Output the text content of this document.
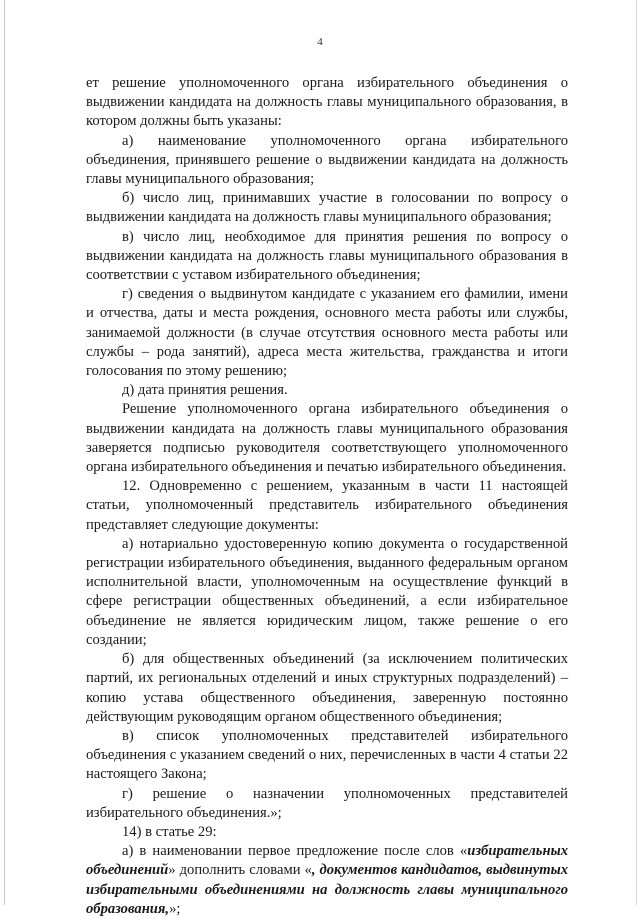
4

ет решение уполномоченного органа избирательного объединения о выдвижении кандидата на должность главы муниципального образования, в котором должны быть указаны:

а) наименование уполномоченного органа избирательного объединения, принявшего решение о выдвижении кандидата на должность главы муниципального образования;

б) число лиц, принимавших участие в голосовании по вопросу о выдвижении кандидата на должность главы муниципального образования;

в) число лиц, необходимое для принятия решения по вопросу о выдвижении кандидата на должность главы муниципального образования в соответствии с уставом избирательного объединения;

г) сведения о выдвинутом кандидате с указанием его фамилии, имени и отчества, даты и места рождения, основного места работы или службы, занимаемой должности (в случае отсутствия основного места работы или службы – рода занятий), адреса места жительства, гражданства и итоги голосования по этому решению;

д) дата принятия решения.

Решение уполномоченного органа избирательного объединения о выдвижении кандидата на должность главы муниципального образования заверяется подписью руководителя соответствующего уполномоченного органа избирательного объединения и печатью избирательного объединения.

12. Одновременно с решением, указанным в части 11 настоящей статьи, уполномоченный представитель избирательного объединения представляет следующие документы:

а) нотариально удостоверенную копию документа о государственной регистрации избирательного объединения, выданного федеральным органом исполнительной власти, уполномоченным на осуществление функций в сфере регистрации общественных объединений, а если избирательное объединение не является юридическим лицом, также решение о его создании;

б) для общественных объединений (за исключением политических партий, их региональных отделений и иных структурных подразделений) – копию устава общественного объединения, заверенную постоянно действующим руководящим органом общественного объединения;

в) список уполномоченных представителей избирательного объединения с указанием сведений о них, перечисленных в части 4 статьи 22 настоящего Закона;

г) решение о назначении уполномоченных представителей избирательного объединения.»;

14) в статье 29:

а) в наименовании первое предложение после слов «избирательных объединений» дополнить словами «, документов кандидатов, выдвинутых избирательными объединениями на должность главы муниципального образования,»;
